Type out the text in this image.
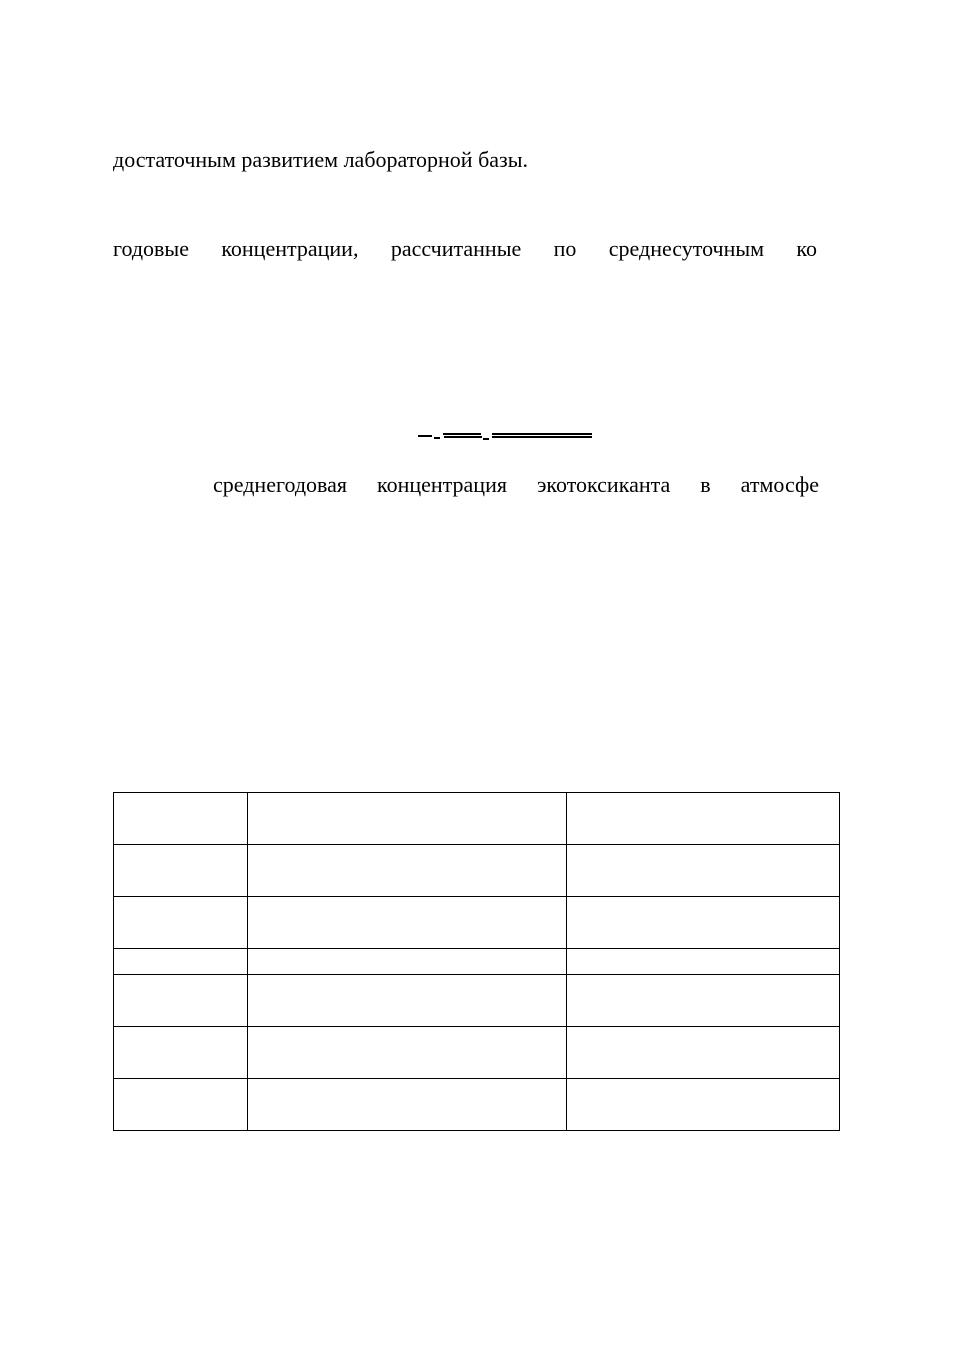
достаточным развитием лабораторной базы.
годовые концентрации, рассчитанные по среднесуточным ко
среднегодовая концентрация экотоксиканта в атмосфе
